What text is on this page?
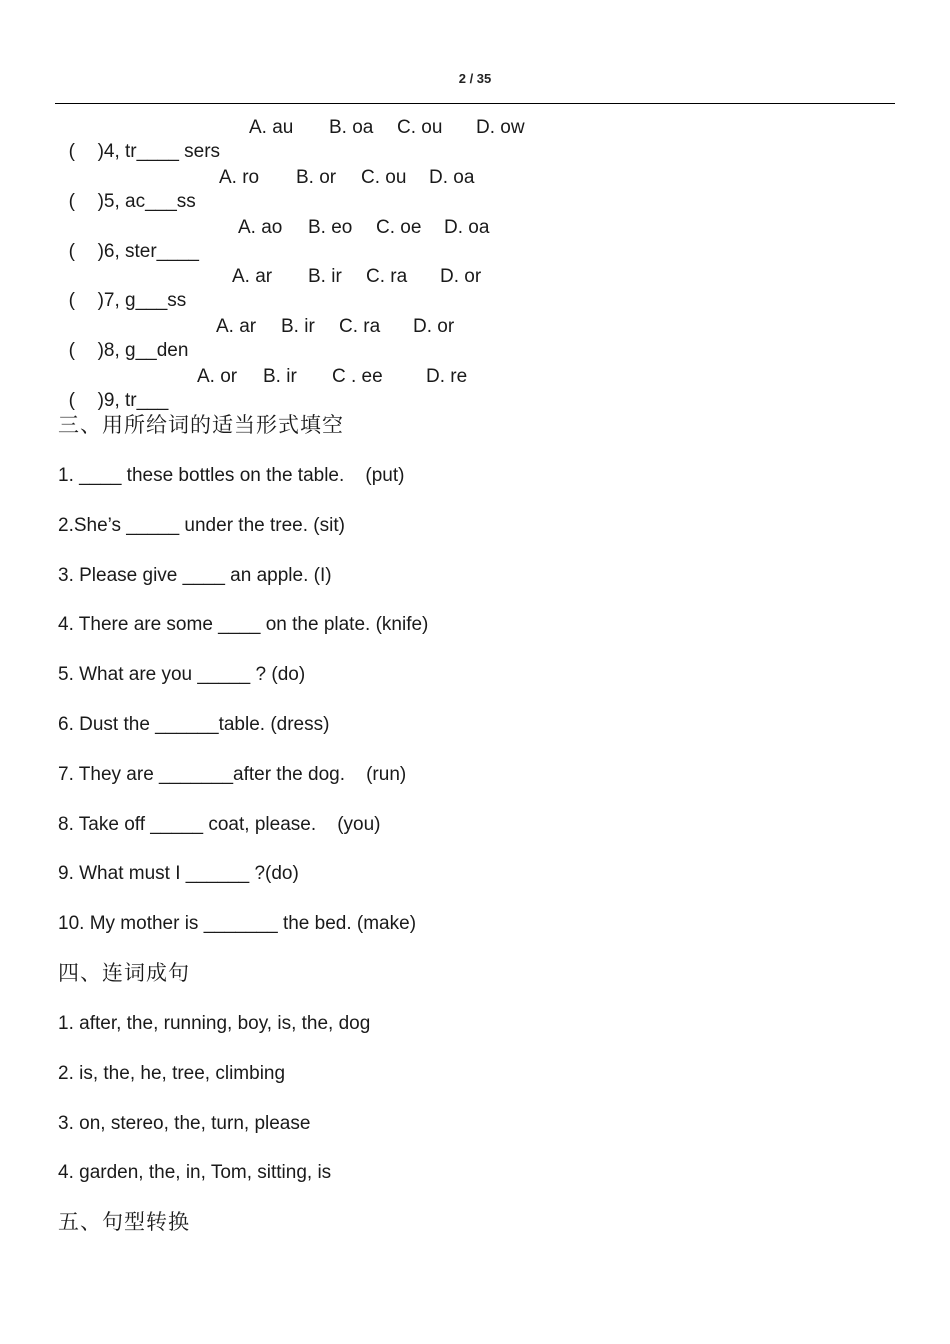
2 / 35

( )4, tr____ sers

A. au

B. oa

C. ou

D. ow

( )5, ac___ss

A. ro

B. or

C. ou

D. oa

( )6, ster____

A. ao

B. eo

C. oe

D. oa

( )7, g___ss

A. ar

B. ir

C. ra

D. or

( )8, g__den

A. ar

B. ir

C. ra

D. or

( )9, tr___

A. or

B. ir

C . ee

D. re

三、用所给词的适当形式填空
1. ____ these bottles on the table.    (put)
2.She’s _____ under the tree. (sit)
3. Please give ____ an apple. (I)
4. There are some ____ on the plate. (knife)
5. What are you _____ ? (do)
6. Dust the ______table. (dress)
7. They are _______after the dog.    (run)
8. Take off _____ coat, please.    (you)
9. What must I ______ ?(do)
10. My mother is _______ the bed. (make)
四、连词成句
1. after, the, running, boy, is, the, dog
2. is, the, he, tree, climbing
3. on, stereo, the, turn, please
4. garden, the, in, Tom, sitting, is
五、句型转换
